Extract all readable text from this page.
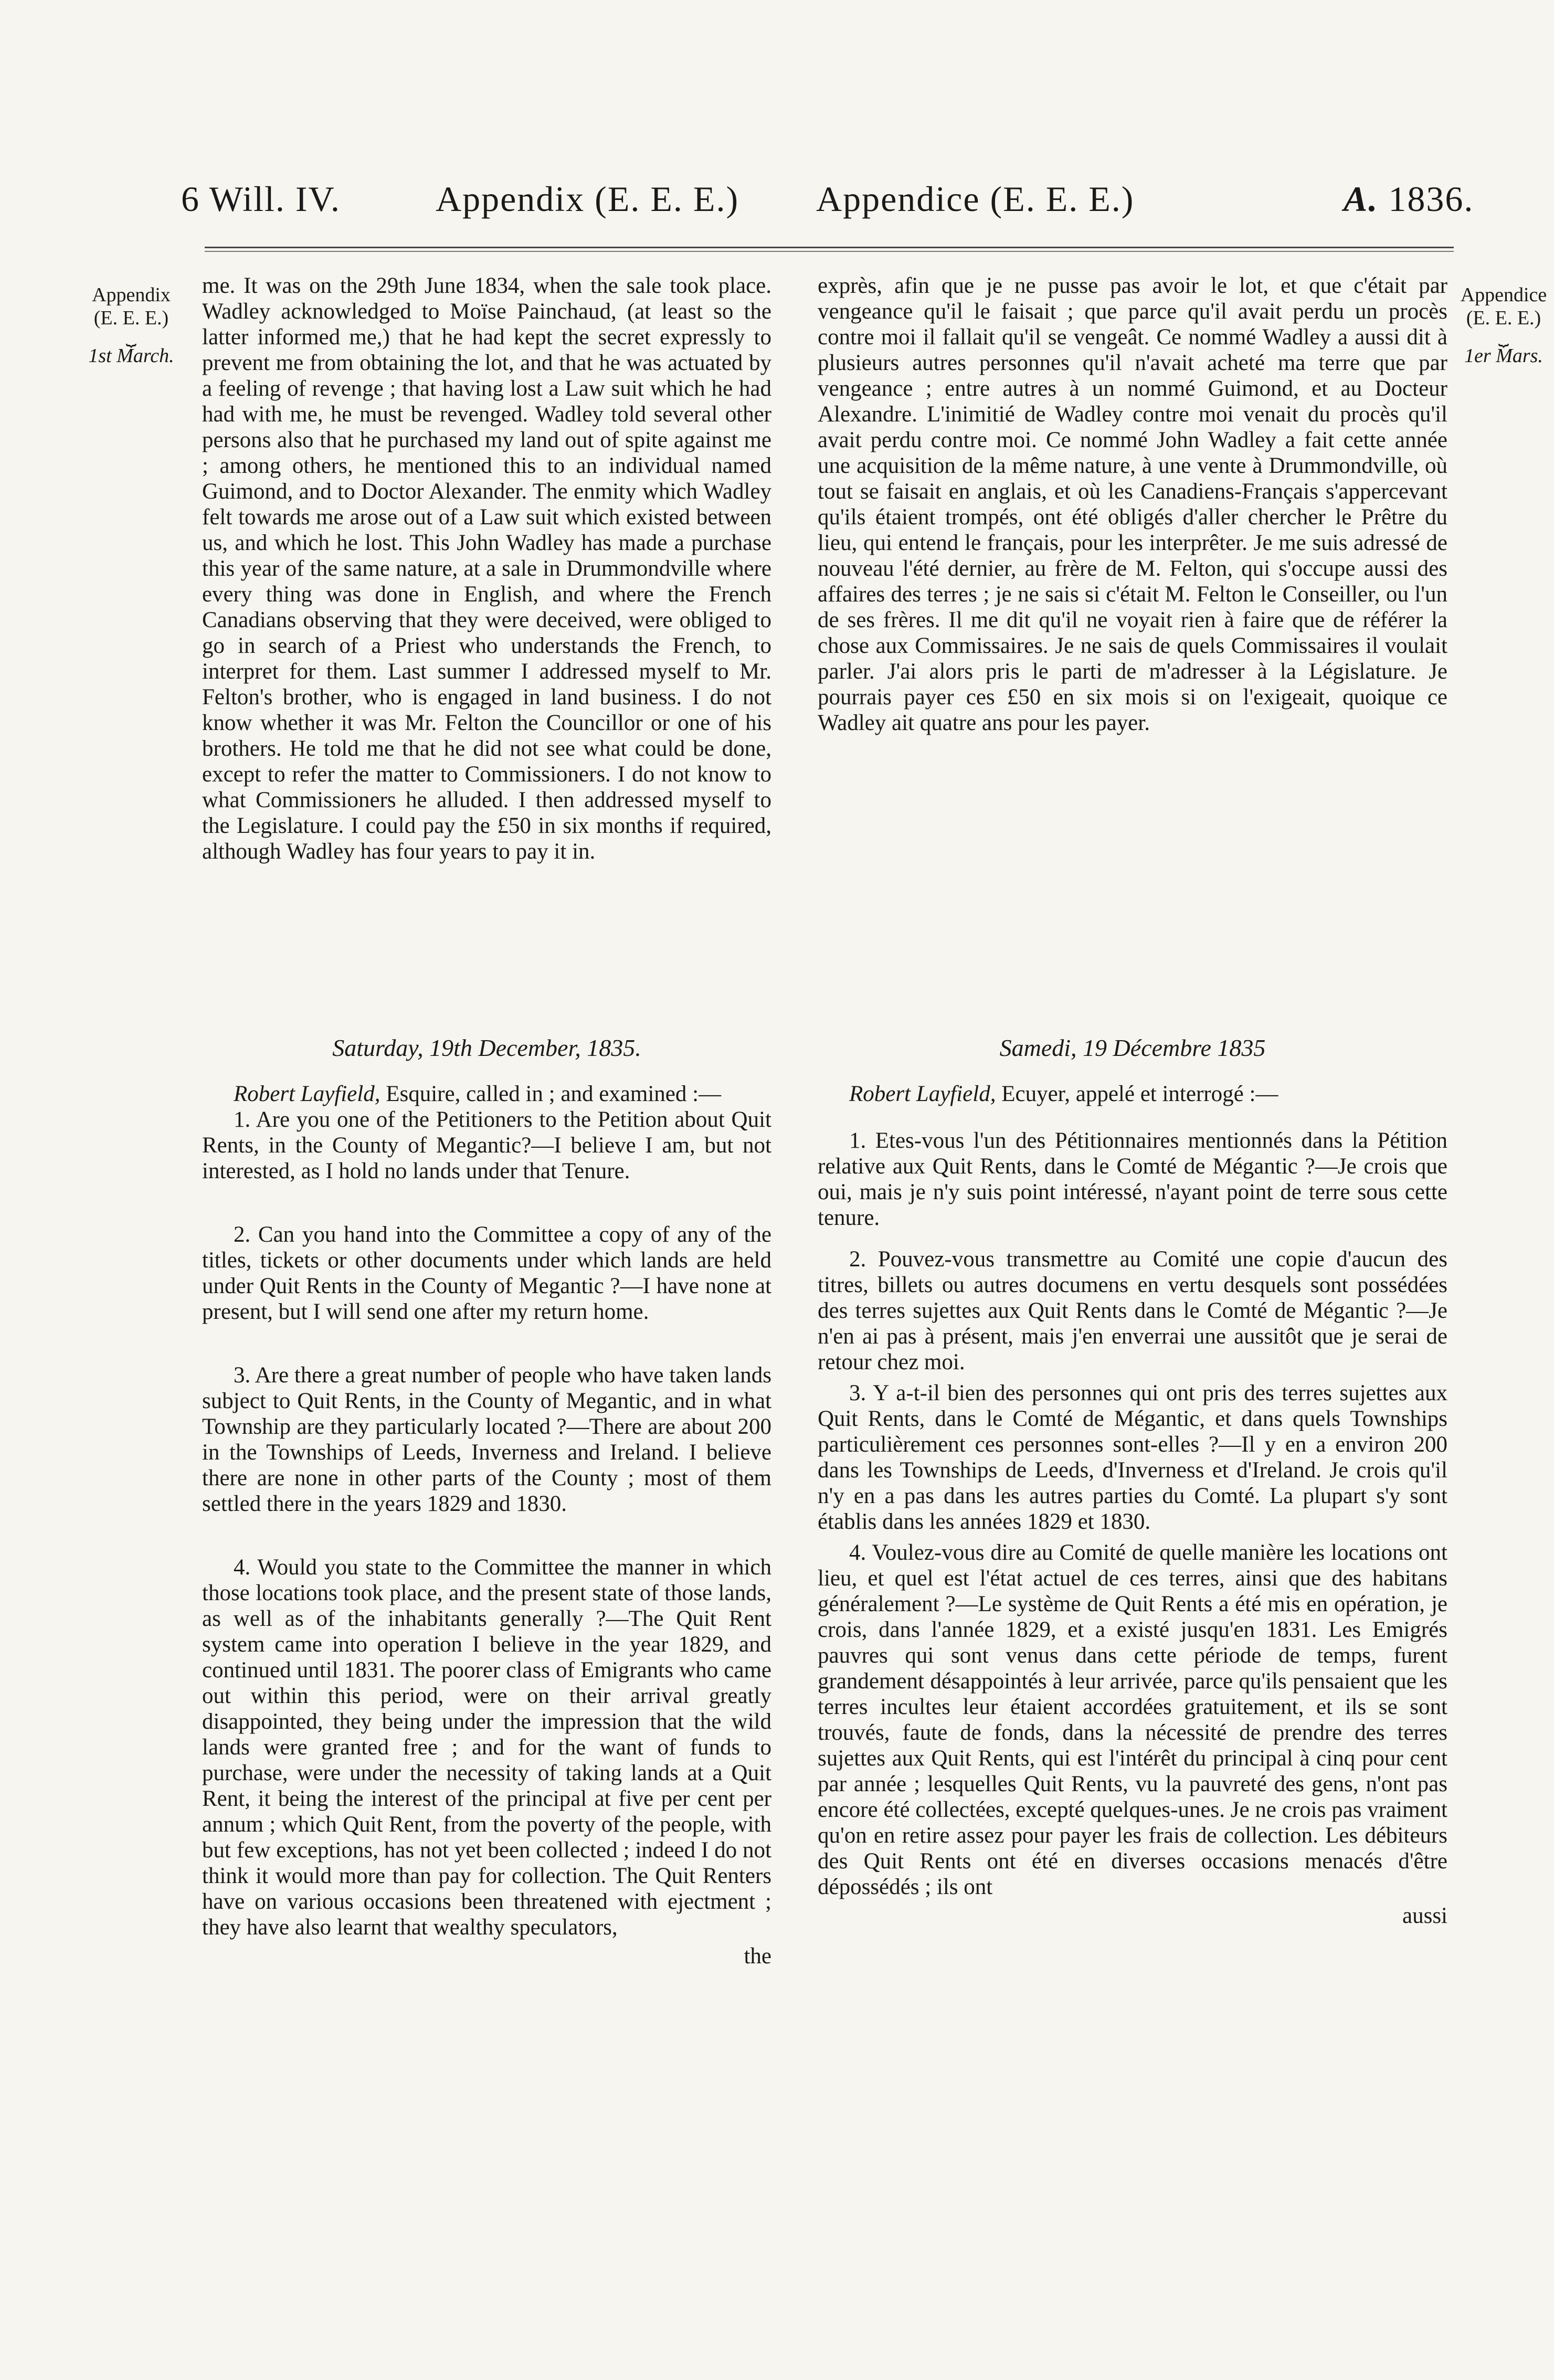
6 Will. IV.	Appendix (E. E. E.) Appendice (E. E. E.)	A. 1836.
Appendix
(E. E. E.)
⏟
1st March.
Appendice
(E. E. E.)
⏟
1er Mars.

me. It was on the 29th June 1834, when the sale took place. Wadley acknowledged to Moïse Painchaud, (at least so the latter informed me,) that he had kept the secret expressly to prevent me from obtaining the lot, and that he was actuated by a feeling of revenge ; that having lost a Law suit which he had had with me, he must be revenged. Wadley told several other persons also that he purchased my land out of spite against me ; among others, he mentioned this to an individual named Guimond, and to Doctor Alexander. The enmity which Wadley felt towards me arose out of a Law suit which existed between us, and which he lost. This John Wadley has made a purchase this year of the same nature, at a sale in Drummondville where every thing was done in English, and where the French Canadians observing that they were deceived, were obliged to go in search of a Priest who understands the French, to interpret for them. Last summer I addressed myself to Mr. Felton's brother, who is engaged in land business. I do not know whether it was Mr. Felton the Councillor or one of his brothers. He told me that he did not see what could be done, except to refer the matter to Commissioners. I do not know to what Commissioners he alluded. I then addressed myself to the Legislature. I could pay the £50 in six months if required, although Wadley has four years to pay it in.

exprès, afin que je ne pusse pas avoir le lot, et que c'était par vengeance qu'il le faisait ; que parce qu'il avait perdu un procès contre moi il fallait qu'il se vengeât. Ce nommé Wadley a aussi dit à plusieurs autres personnes qu'il n'avait acheté ma terre que par vengeance ; entre autres à un nommé Guimond, et au Docteur Alexandre. L'inimitié de Wadley contre moi venait du procès qu'il avait perdu contre moi. Ce nommé John Wadley a fait cette année une acquisition de la même nature, à une vente à Drummondville, où tout se faisait en anglais, et où les Canadiens-Français s'appercevant qu'ils étaient trompés, ont été obligés d'aller chercher le Prêtre du lieu, qui entend le français, pour les interprêter. Je me suis adressé de nouveau l'été dernier, au frère de M. Felton, qui s'occupe aussi des affaires des terres ; je ne sais si c'était M. Felton le Conseiller, ou l'un de ses frères. Il me dit qu'il ne voyait rien à faire que de référer la chose aux Commissaires. Je ne sais de quels Commissaires il voulait parler. J'ai alors pris le parti de m'adresser à la Législature. Je pourrais payer ces £50 en six mois si on l'exigeait, quoique ce Wadley ait quatre ans pour les payer.

Saturday, 19th December, 1835.	Samedi, 19 Décembre 1835

Robert Layfield, Esquire, called in ; and examined :—

1. Are you one of the Petitioners to the Petition about Quit Rents, in the County of Megantic?—I believe I am, but not interested, as I hold no lands under that Tenure.

2. Can you hand into the Committee a copy of any of the titles, tickets or other documents under which lands are held under Quit Rents in the County of Megantic ?—I have none at present, but I will send one after my return home.

3. Are there a great number of people who have taken lands subject to Quit Rents, in the County of Megantic, and in what Township are they particularly located ?—There are about 200 in the Townships of Leeds, Inverness and Ireland. I believe there are none in other parts of the County ; most of them settled there in the years 1829 and 1830.

4. Would you state to the Committee the manner in which those locations took place, and the present state of those lands, as well as of the inhabitants generally ?—The Quit Rent system came into operation I believe in the year 1829, and continued until 1831. The poorer class of Emigrants who came out within this period, were on their arrival greatly disappointed, they being under the impression that the wild lands were granted free ; and for the want of funds to purchase, were under the necessity of taking lands at a Quit Rent, it being the interest of the principal at five per cent per annum ; which Quit Rent, from the poverty of the people, with but few exceptions, has not yet been collected ; indeed I do not think it would more than pay for collection. The Quit Renters have on various occasions been threatened with ejectment ; they have also learnt that wealthy speculators,

the

Robert Layfield, Ecuyer, appelé et interrogé :—

1. Etes-vous l'un des Pétitionnaires mentionnés dans la Pétition relative aux Quit Rents, dans le Comté de Mégantic ?—Je crois que oui, mais je n'y suis point intéressé, n'ayant point de terre sous cette tenure.

2. Pouvez-vous transmettre au Comité une copie d'aucun des titres, billets ou autres documens en vertu desquels sont possédées des terres sujettes aux Quit Rents dans le Comté de Mégantic ?—Je n'en ai pas à présent, mais j'en enverrai une aussitôt que je serai de retour chez moi.

3. Y a-t-il bien des personnes qui ont pris des terres sujettes aux Quit Rents, dans le Comté de Mégantic, et dans quels Townships particulièrement ces personnes sont-elles ?—Il y en a environ 200 dans les Townships de Leeds, d'Inverness et d'Ireland. Je crois qu'il n'y en a pas dans les autres parties du Comté. La plupart s'y sont établis dans les années 1829 et 1830.

4. Voulez-vous dire au Comité de quelle manière les locations ont lieu, et quel est l'état actuel de ces terres, ainsi que des habitans généralement ?—Le système de Quit Rents a été mis en opération, je crois, dans l'année 1829, et a existé jusqu'en 1831. Les Emigrés pauvres qui sont venus dans cette période de temps, furent grandement désappointés à leur arrivée, parce qu'ils pensaient que les terres incultes leur étaient accordées gratuitement, et ils se sont trouvés, faute de fonds, dans la nécessité de prendre des terres sujettes aux Quit Rents, qui est l'intérêt du principal à cinq pour cent par année ; lesquelles Quit Rents, vu la pauvreté des gens, n'ont pas encore été collectées, excepté quelques-unes. Je ne crois pas vraiment qu'on en retire assez pour payer les frais de collection. Les débiteurs des Quit Rents ont été en diverses occasions menacés d'être dépossédés ; ils ont

aussi
